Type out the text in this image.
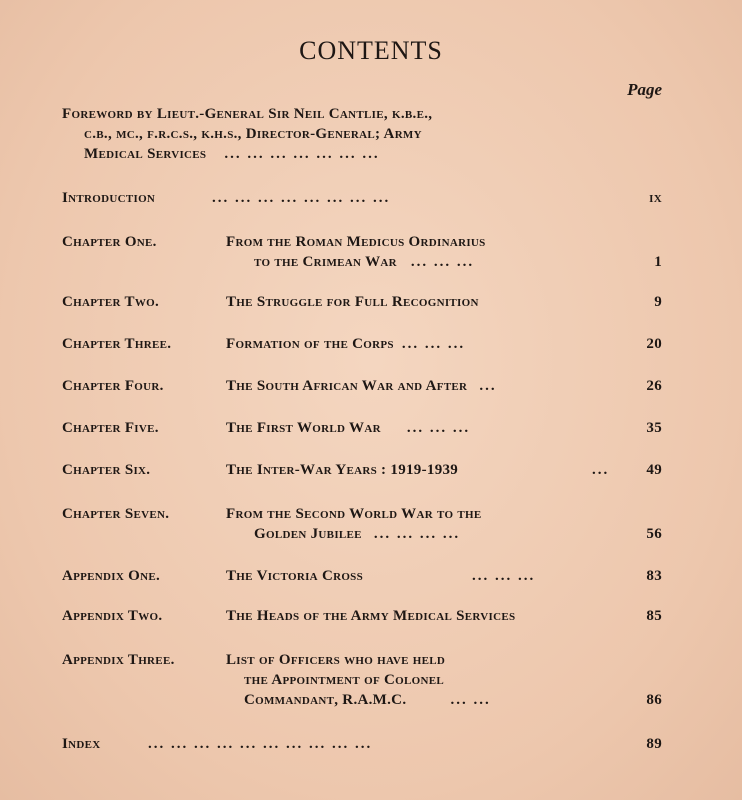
CONTENTS
Page
Foreword by Lieut.-General Sir Neil Cantlie, k.b.e.,
c.b., mc., f.r.c.s., k.h.s., Director-General; Army
Medical Services ... ... ... ... ... ... ...
Introduction	... ... ... ... ... ... ... ...	ix
Chapter One.	From the Roman Medicus Ordinarius
to the Crimean War ... ... ...	1
Chapter Two.	The Struggle for Full Recognition	9
Chapter Three.	Formation of the Corps ... ... ...	20
Chapter Four.	The South African War and After ...	26
Chapter Five.	The First World War ... ... ...	35
Chapter Six.	The Inter-War Years : 1919-1939	... 49
Chapter Seven.	From the Second World War to the
Golden Jubilee ... ... ... ...	56
Appendix One.	The Victoria Cross	... ... ...	83
Appendix Two.	The Heads of the Army Medical Services	85
Appendix Three.	List of Officers who have held
the Appointment of Colonel
Commandant, R.A.M.C.	... ...	86
Index	... ... ... ... ... ... ... ... ... ...	89
